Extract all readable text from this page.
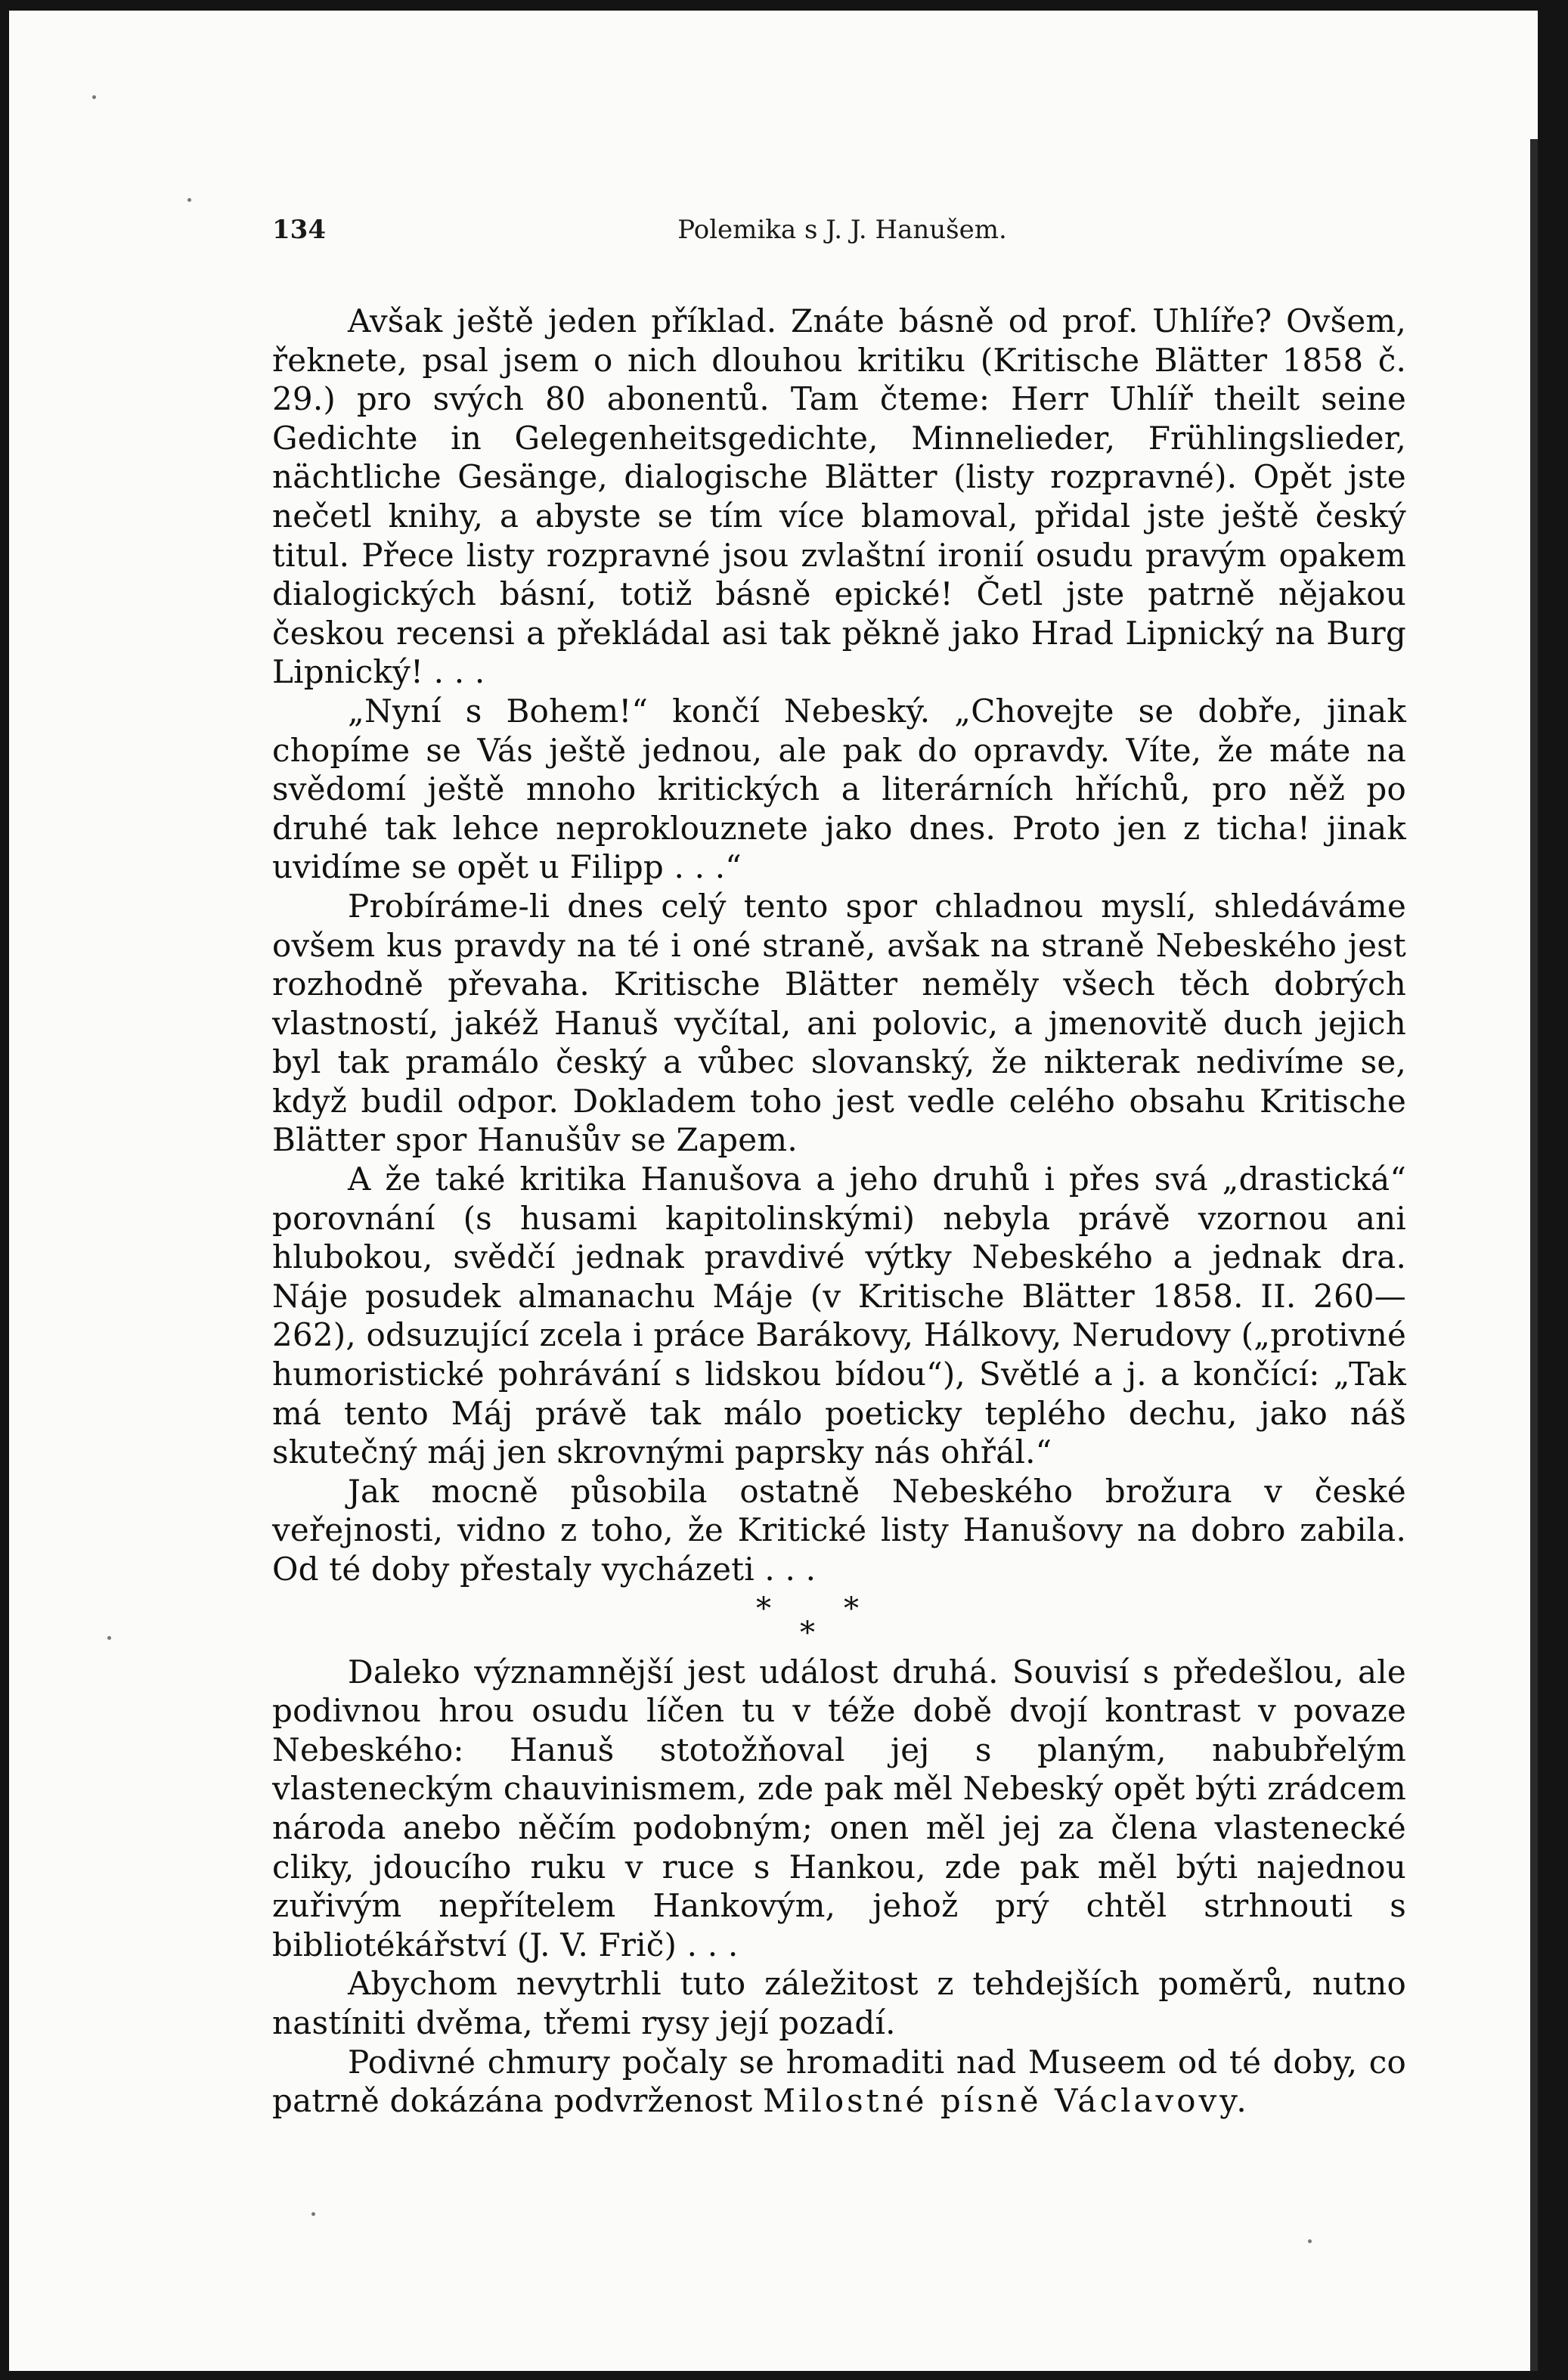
134	Polemika s J. J. Hanušem.

Avšak ještě jeden příklad. Znáte básně od prof. Uhlíře? Ovšem, řeknete, psal jsem o nich dlouhou kritiku (Kritische Blätter 1858 č. 29.) pro svých 80 abonentů. Tam čteme: Herr Uhlíř theilt seine Gedichte in Gelegenheitsgedichte, Minnelieder, Frühlingslieder, nächtliche Gesänge, dialogische Blätter (listy rozpravné). Opět jste nečetl knihy, a abyste se tím více blamoval, přidal jste ještě český titul. Přece listy rozpravné jsou zvlaštní ironií osudu pravým opakem dialogických básní, totiž básně epické! Četl jste patrně nějakou českou recensi a překládal asi tak pěkně jako Hrad Lipnický na Burg Lipnický! . . .

„Nyní s Bohem!“ končí Nebeský. „Chovejte se dobře, jinak chopíme se Vás ještě jednou, ale pak do opravdy. Víte, že máte na svědomí ještě mnoho kritických a literárních hříchů, pro něž po druhé tak lehce neproklouznete jako dnes. Proto jen z ticha! jinak uvidíme se opět u Filipp . . .“

Probíráme-li dnes celý tento spor chladnou myslí, shledáváme ovšem kus pravdy na té i oné straně, avšak na straně Nebeského jest rozhodně převaha. Kritische Blätter neměly všech těch dobrých vlastností, jakéž Hanuš vyčítal, ani polovic, a jmenovitě duch jejich byl tak pramálo český a vůbec slovanský, že nikterak nedivíme se, když budil odpor. Dokladem toho jest vedle celého obsahu Kritische Blätter spor Hanušův se Zapem.

A že také kritika Hanušova a jeho druhů i přes svá „drastická“ porovnání (s husami kapitolinskými) nebyla právě vzornou ani hlubokou, svědčí jednak pravdivé výtky Nebeského a jednak dra. Náje posudek almanachu Máje (v Kritische Blätter 1858. II. 260—262), odsuzující zcela i práce Barákovy, Hálkovy, Nerudovy („protivné humoristické pohrávání s lidskou bídou“), Světlé a j. a končící: „Tak má tento Máj právě tak málo poeticky teplého dechu, jako náš skutečný máj jen skrovnými paprsky nás ohřál.“

Jak mocně působila ostatně Nebeského brožura v české veřejnosti, vidno z toho, že Kritické listy Hanušovy na dobro zabila. Od té doby přestaly vycházeti . . .

*
*
*

Daleko významnější jest událost druhá. Souvisí s předešlou, ale podivnou hrou osudu líčen tu v téže době dvojí kontrast v povaze Nebeského: Hanuš stotožňoval jej s planým, nabubřelým vlasteneckým chauvinismem, zde pak měl Nebeský opět býti zrádcem národa anebo něčím podobným; onen měl jej za člena vlastenecké cliky, jdoucího ruku v ruce s Hankou, zde pak měl býti najednou zuřivým nepřítelem Hankovým, jehož prý chtěl strhnouti s bibliotékářství (J. V. Frič) . . .

Abychom nevytrhli tuto záležitost z tehdejších poměrů, nutno nastíniti dvěma, třemi rysy její pozadí.

Podivné chmury počaly se hromaditi nad Museem od té doby, co patrně dokázána podvrženost Milostné písně Václavovy.
